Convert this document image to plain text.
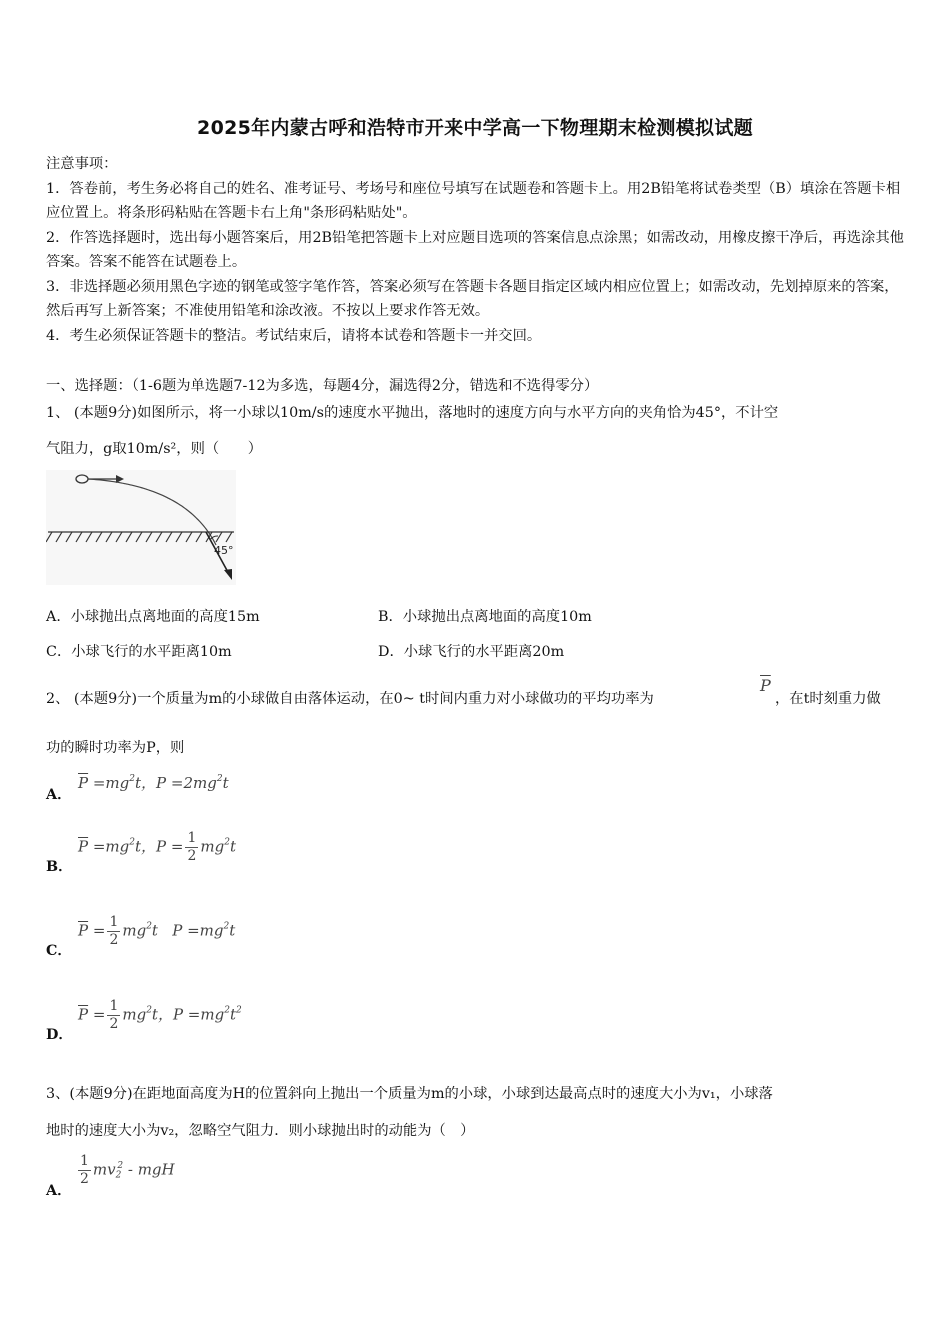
2025年内蒙古呼和浩特市开来中学高一下物理期末检测模拟试题
注意事项：
1．答卷前，考生务必将自己的姓名、准考证号、考场号和座位号填写在试题卷和答题卡上。用2B铅笔将试卷类型（B）填涂在答题卡相应位置上。将条形码粘贴在答题卡右上角"条形码粘贴处"。
2．作答选择题时，选出每小题答案后，用2B铅笔把答题卡上对应题目选项的答案信息点涂黑；如需改动，用橡皮擦干净后，再选涂其他答案。答案不能答在试题卷上。
3．非选择题必须用黑色字迹的钢笔或签字笔作答，答案必须写在答题卡各题目指定区域内相应位置上；如需改动，先划掉原来的答案，然后再写上新答案；不准使用铅笔和涂改液。不按以上要求作答无效。
4．考生必须保证答题卡的整洁。考试结束后，请将本试卷和答题卡一并交回。
一、选择题：（1-6题为单选题7-12为多选，每题4分，漏选得2分，错选和不选得零分）
1、 (本题9分)如图所示，将一小球以10m/s的速度水平抛出，落地时的速度方向与水平方向的夹角恰为45°，不计空
气阻力，g取10m/s²，则（　　）
45°
A．小球抛出点离地面的高度15m	B．小球抛出点离地面的高度10m
C．小球飞行的水平距离10m	D．小球飞行的水平距离20m
2、 (本题9分)一个质量为m的小球做自由落体运动，在0~ t时间内重力对小球做功的平均功率为
$\overline{P}$
，在t时刻重力做
功的瞬时功率为P，则
A．
$\overline{P} =mg^2t$，$P =2mg^2t$
B．
$\overline{P} =mg^2t$，$P = \frac{1}{2} mg^2t$
C．
$\overline{P} = \frac{1}{2} mg^2t$   $P =mg^2t$
D．
$\overline{P} = \frac{1}{2} mg^2t$，$P =mg^2t^2$
3、(本题9分)在距地面高度为H的位置斜向上抛出一个质量为m的小球，小球到达最高点时的速度大小为v₁，小球落
地时的速度大小为v₂，忽略空气阻力．则小球抛出时的动能为（　）
A．
$\frac{1}{2} mv_2^2$ - mgH
